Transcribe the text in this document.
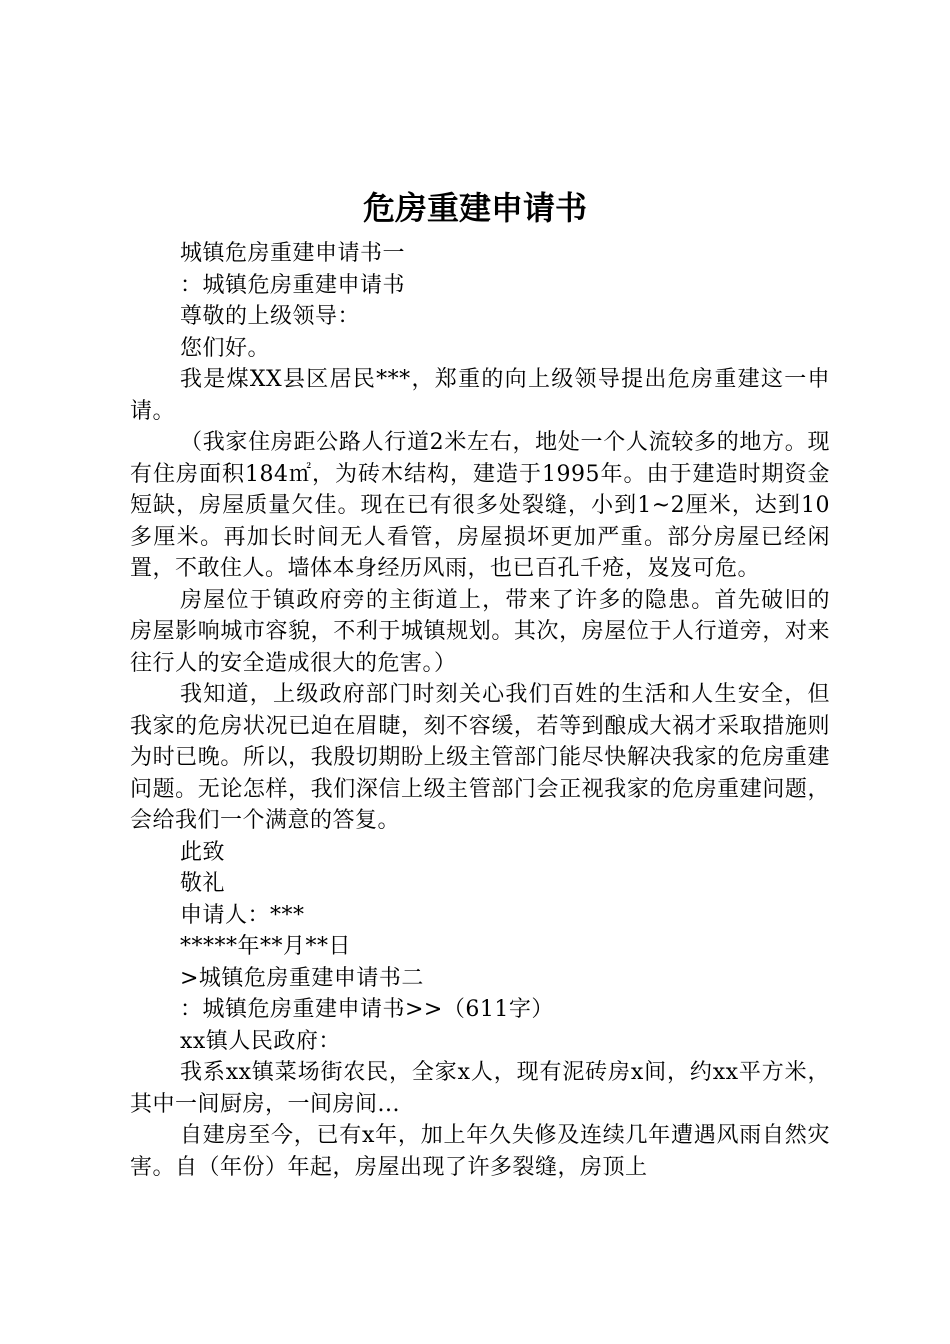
危房重建申请书

城镇危房重建申请书一

：城镇危房重建申请书

尊敬的上级领导：

您们好。

我是煤XX县区居民***，郑重的向上级领导提出危房重建这一申请。

（我家住房距公路人行道2米左右，地处一个人流较多的地方。现有住房面积184㎡，为砖木结构，建造于1995年。由于建造时期资金短缺，房屋质量欠佳。现在已有很多处裂缝，小到1~2厘米，达到10多厘米。再加长时间无人看管，房屋损坏更加严重。部分房屋已经闲置，不敢住人。墙体本身经历风雨，也已百孔千疮，岌岌可危。

房屋位于镇政府旁的主街道上，带来了许多的隐患。首先破旧的房屋影响城市容貌，不利于城镇规划。其次，房屋位于人行道旁，对来往行人的安全造成很大的危害。）

我知道，上级政府部门时刻关心我们百姓的生活和人生安全，但我家的危房状况已迫在眉睫，刻不容缓，若等到酿成大祸才采取措施则为时已晚。所以，我殷切期盼上级主管部门能尽快解决我家的危房重建问题。无论怎样，我们深信上级主管部门会正视我家的危房重建问题，会给我们一个满意的答复。

此致

敬礼

申请人：***

*****年**月**日

>城镇危房重建申请书二

：城镇危房重建申请书>>（611字）

xx镇人民政府：

我系xx镇菜场街农民，全家x人，现有泥砖房x间，约xx平方米，其中一间厨房，一间房间...

自建房至今，已有x年，加上年久失修及连续几年遭遇风雨自然灾害。自（年份）年起，房屋出现了许多裂缝，房顶上
